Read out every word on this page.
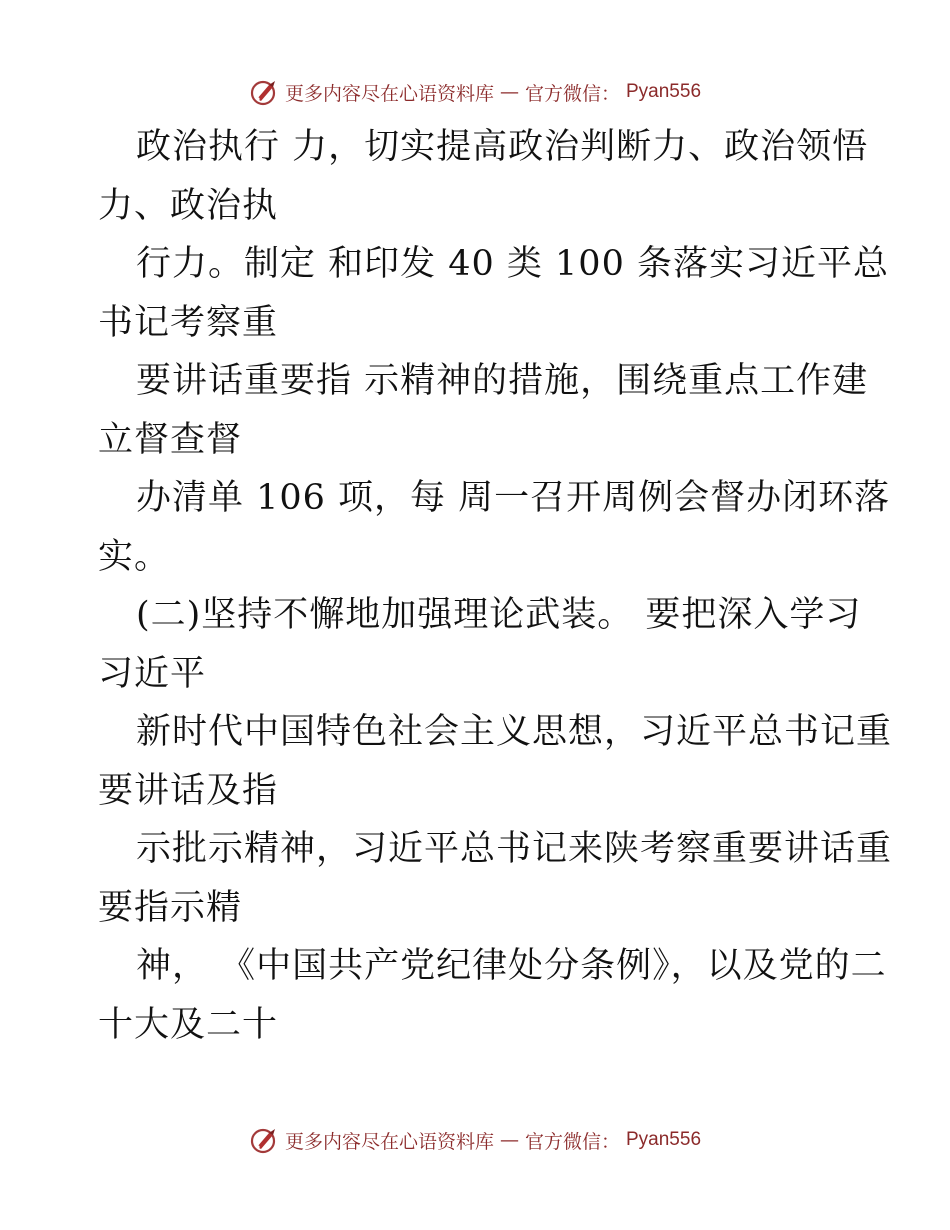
更多内容尽在心语资料库 — 官方微信： Pyan556
政治执行 力，切实提高政治判断力、政治领悟
力、政治执
行力。制定 和印发 40 类 100 条落实习近平总
书记考察重
要讲话重要指 示精神的措施，围绕重点工作建
立督查督
办清单 106 项，每 周一召开周例会督办闭环落
实。
(二)坚持不懈地加强理论武装。 要把深入学习
习近平
新时代中国特色社会主义思想，习近平总书记重
要讲话及指
示批示精神，习近平总书记来陕考察重要讲话重
要指示精
神， 《中国共产党纪律处分条例》，以及党的二
十大及二十
更多内容尽在心语资料库 — 官方微信： Pyan556
